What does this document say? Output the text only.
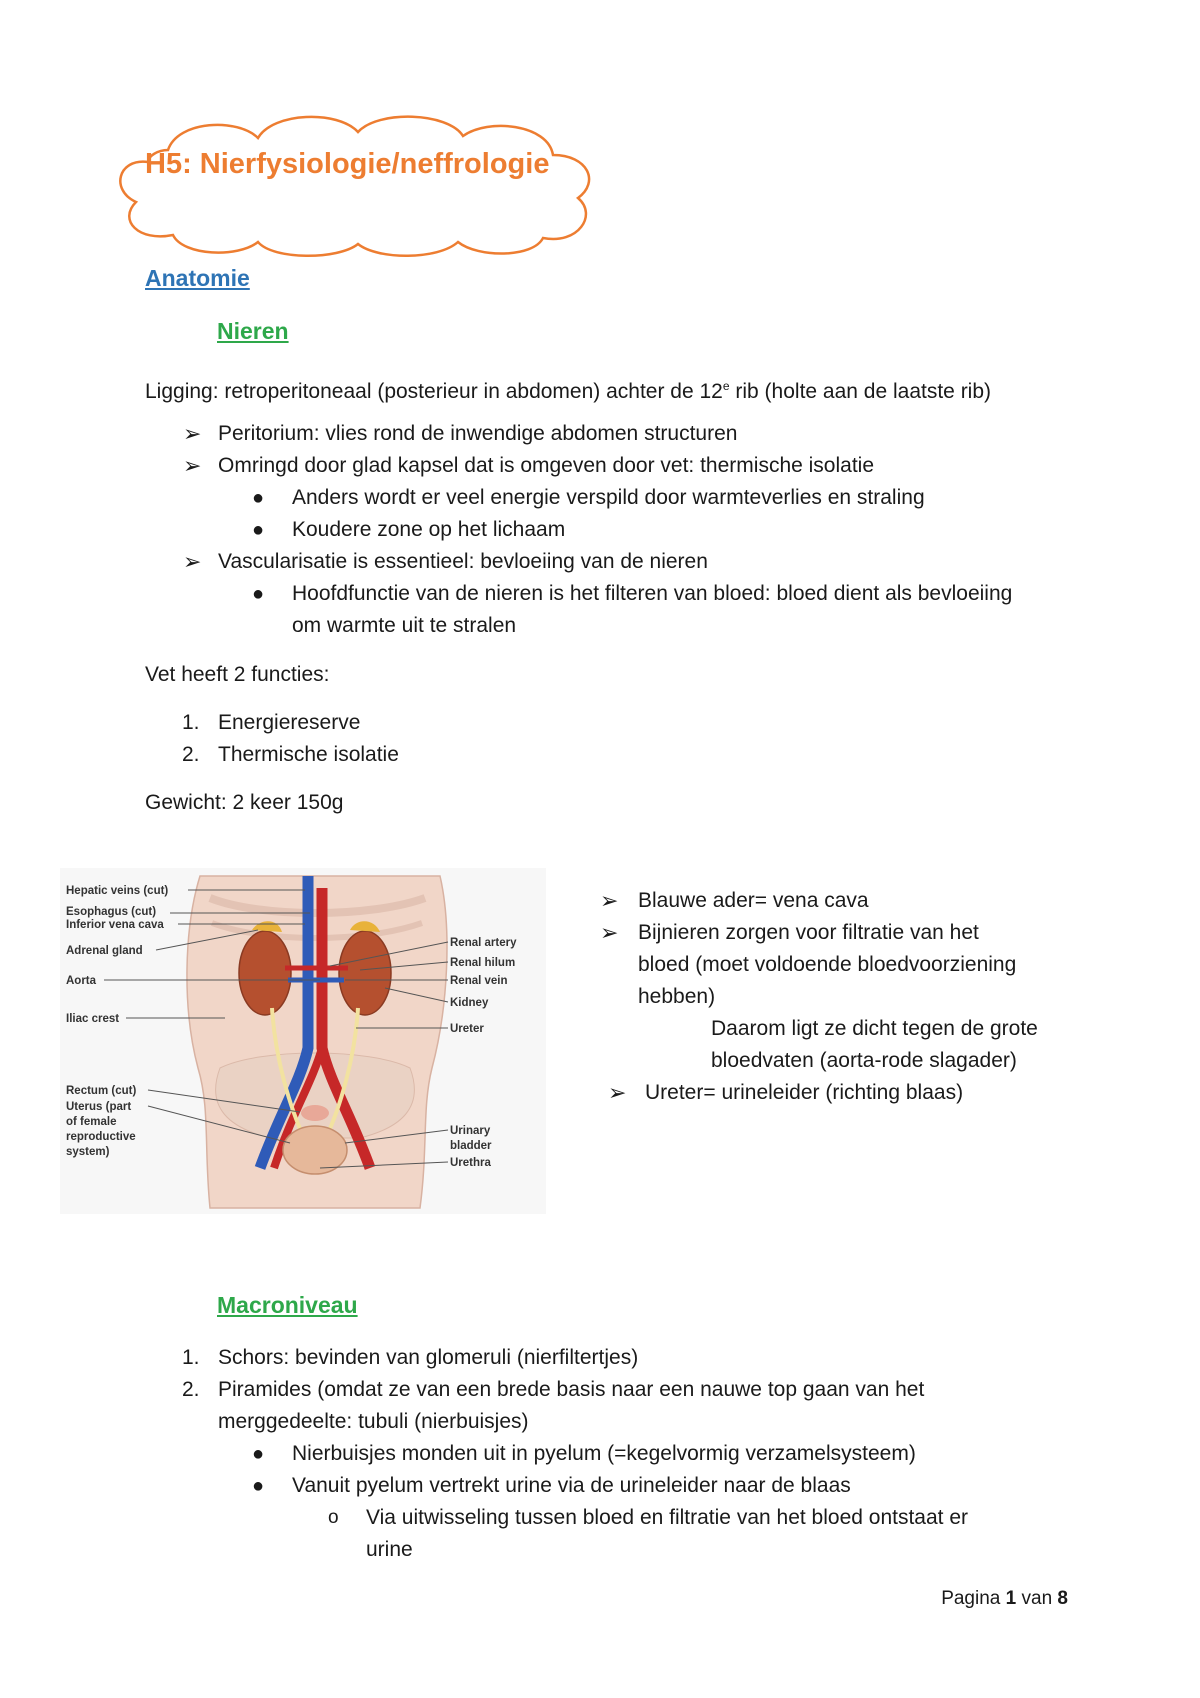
H5: Nierfysiologie/neffrologie
Anatomie
Nieren
Ligging: retroperitoneaal (posterieur in abdomen) achter de 12e rib (holte aan de laatste rib)
➢ Peritorium: vlies rond de inwendige abdomen structuren
➢ Omringd door glad kapsel dat is omgeven door vet: thermische isolatie
● Anders wordt er veel energie verspild door warmteverlies en straling
● Koudere zone op het lichaam
➢ Vascularisatie is essentieel: bevloeiing van de nieren
● Hoofdfunctie van de nieren is het filteren van bloed: bloed dient als bevloeiing
om warmte uit te stralen
Vet heeft 2 functies:
1. Energiereserve
2. Thermische isolatie
Gewicht: 2 keer 150g
Hepatic veins (cut)
Esophagus (cut)
Inferior vena cava
Adrenal gland
Aorta
Iliac crest
Rectum (cut)
Uterus (part
of female
reproductive
system)
Renal artery
Renal hilum
Renal vein
Kidney
Ureter
Urinary
bladder
Urethra
➢ Blauwe ader= vena cava
➢ Bijnieren zorgen voor filtratie van het
bloed (moet voldoende bloedvoorziening
hebben)
Daarom ligt ze dicht tegen de grote
bloedvaten (aorta-rode slagader)
➢ Ureter= urineleider (richting blaas)
Macroniveau
1. Schors: bevinden van glomeruli (nierfiltertjes)
2. Piramides (omdat ze van een brede basis naar een nauwe top gaan van het
merggedeelte: tubuli (nierbuisjes)
● Nierbuisjes monden uit in pyelum (=kegelvormig verzamelsysteem)
● Vanuit pyelum vertrekt urine via de urineleider naar de blaas
o Via uitwisseling tussen bloed en filtratie van het bloed ontstaat er
urine
Pagina 1 van 8
